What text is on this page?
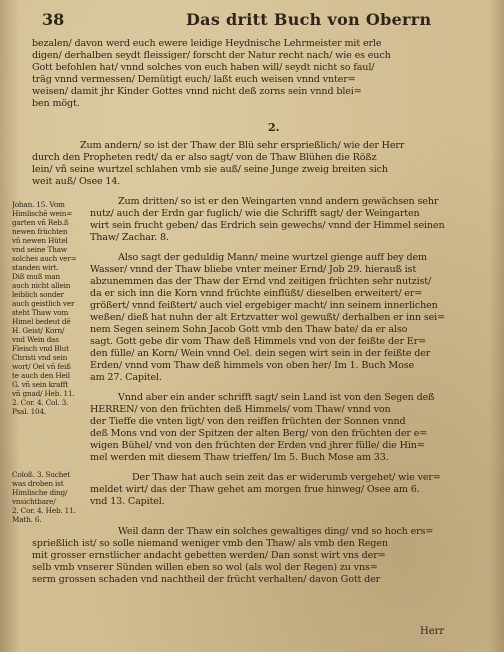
38	Das dritt Buch von Oberrn
bezalen/ davon werd euch ewere leidige Heydnische Lehrmeister mit erle
digen/ derhalben seydt fleissiger/ forscht der Natur recht nach/ wie es euch
Gott befohlen hat/ vnnd solches von euch haben will/ seydt nicht so faul/
träg vnnd vermessen/ Demütigt euch/ laßt euch weisen vnnd vnter=
weisen/ damit jhr Kinder Gottes vnnd nicht deß zorns sein vnnd blei=
ben mögt.
2.
Zum andern/ so ist der Thaw der Blü sehr ersprießlich/ wie der Herr
durch den Propheten redt/ da er also sagt/ von de Thaw Blühen die Rößz
lein/ vñ seine wurtzel schlahen vmb sie auß/ seine Junge zweig breiten sich
weit auß/ Osee 14.
Zum dritten/ so ist er den Weingarten vnnd andern gewächsen sehr
nutz/ auch der Erdn gar fuglich/ wie die Schrifft sagt/ der Weingarten
wirt sein frucht geben/ das Erdrich sein gewechs/ vnnd der Himmel seinen
Thaw/ Zachar. 8.
Also sagt der geduldig Mann/ meine wurtzel gienge auff bey dem
Wasser/ vnnd der Thaw bliebe vnter meiner Ernd/ Job 29. hierauß ist
abzunemmen das der Thaw der Ernd vnd zeitigen früchten sehr nutzist/
da er sich inn die Korn vnnd früchte einflüßt/ dieselben erweitert/ er=
größert/ vnnd feißtert/ auch viel ergebiger macht/ inn seinem innerlichen
weßen/ dieß hat nuhn der alt Ertzvatter wol gewußt/ derhalben er inn sei=
nem Segen seinem Sohn Jacob Gott vmb den Thaw bate/ da er also
sagt. Gott gebe dir vom Thaw deß Himmels vnd von der feißte der Er=
den fülle/ an Korn/ Wein vnnd Oel. dein segen wirt sein in der feißte der
Erden/ vnnd vom Thaw deß himmels von oben her/ Im 1. Buch Mose
am 27. Capitel.
Vnnd aber ein ander schrifft sagt/ sein Land ist von den Segen deß
HERREN/ von den früchten deß Himmels/ vom Thaw/ vnnd von
der Tieffe die vnten ligt/ von den reiffen früchten der Sonnen vnnd
deß Mons vnd von der Spitzen der alten Berg/ von den früchten der e=
wigen Bühel/ vnd von den früchten der Erden vnd jhrer fülle/ die Hin=
mel werden mit diesem Thaw trieffen/ Im 5. Buch Mose am 33.
Der Thaw hat auch sein zeit das er widerumb vergehet/ wie ver=
meldet wirt/ das der Thaw gehet am morgen frue hinweg/ Osee am 6.
vnd 13. Capitel.
Weil dann der Thaw ein solches gewaltiges ding/ vnd so hoch ers=
sprießlich ist/ so solle niemand weniger vmb den Thaw/ als vmb den Regen
mit grosser ernstlicher andacht gebetten werden/ Dan sonst wirt vns der=
selb vmb vnserer Sünden willen eben so wol (als wol der Regen) zu vns=
serm grossen schaden vnd nachtheil der frücht verhalten/ davon Gott der
Herr
Johan. 15. Vom
Himlischē wein=
garten vñ Reb.ß
newen früchten
vñ newen Hütel
vnd seine Thaw
solches auch ver=
standen wirt.
Diß muß man
auch nicht allein
leiblich sonder
auch geistlich ver
steht Thaw vom
Himel bedeut dē
H. Geist/ Korn/
vnd Wein das
Fleisch vnd Blut
Christi vnd sein
wort/ Oel vñ feiß
te auch den Heil
G. vñ sein krafft
vñ gnad/ Heb. 11.
2. Cor. 4. Col. 3.
Psal. 104.
Coloß. 3. Suchet
was droben ist
Himlische ding/
vnsichtbare/
2. Cor. 4. Heb. 11.
Math. 6.
